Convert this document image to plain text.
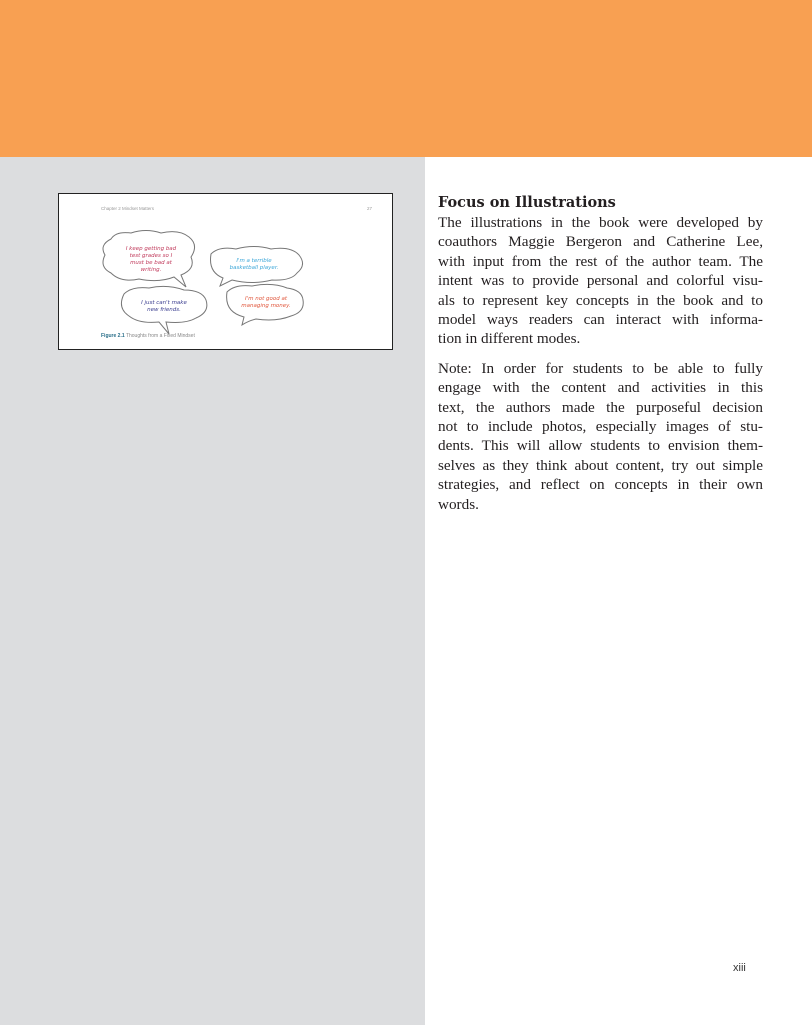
Chapter 2 Mindset Matters	27
I keep getting bad test grades so I must be bad at writing.
I'm a terrible basketball player.
I just can't make new friends.
I'm not good at managing money.
Figure 2.1 Thoughts from a Fixed Mindset
Focus on Illustrations
The illustrations in the book were developed by
coauthors Maggie Bergeron and Catherine Lee,
with input from the rest of the author team. The
intent was to provide personal and colorful visu-
als to represent key concepts in the book and to
model ways readers can interact with informa-
tion in different modes.
Note: In order for students to be able to fully
engage with the content and activities in this
text, the authors made the purposeful decision
not to include photos, especially images of stu-
dents. This will allow students to envision them-
selves as they think about content, try out simple
strategies, and reflect on concepts in their own
words.
xiii
